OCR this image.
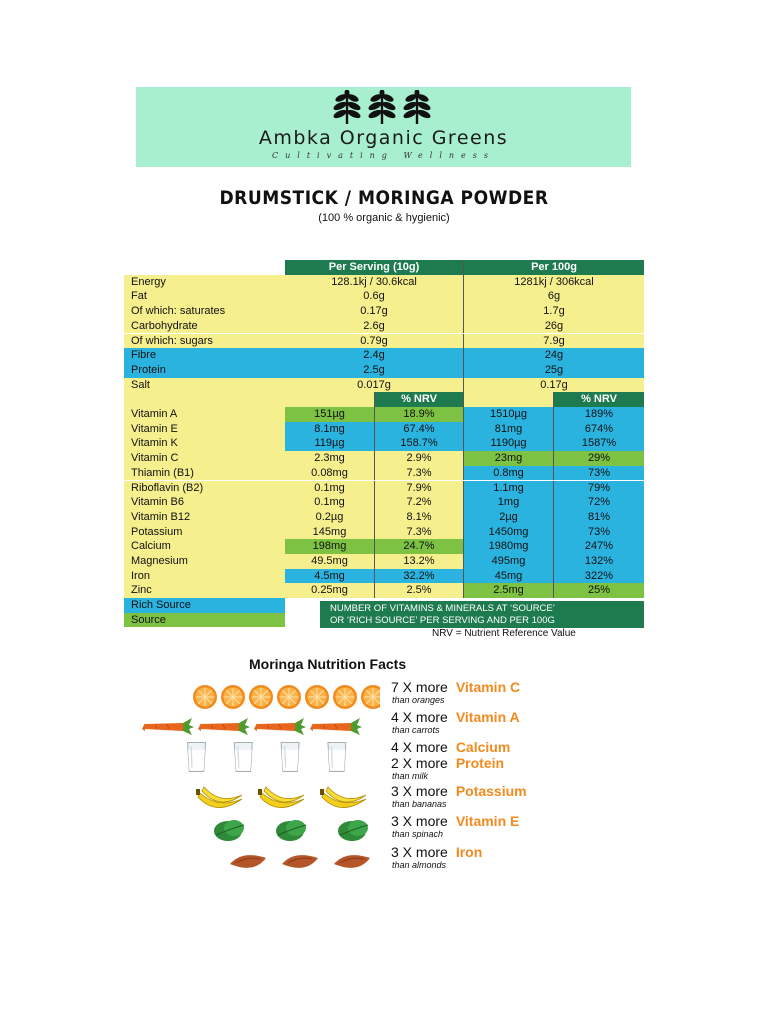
Ambka Organic Greens
Cultivating Wellness
DRUMSTICK / MORINGA POWDER
(100 % organic & hygienic)
Per Serving (10g)	Per 100g
Energy	128.1kj / 30.6kcal	1281kj / 306kcal
Fat	0.6g	6g
Of which: saturates	0.17g	1.7g
Carbohydrate	2.6g	26g
Of which: sugars	0.79g	7.9g
Fibre	2.4g	24g
Protein	2.5g	25g
Salt	0.017g	0.17g
% NRV	% NRV
Vitamin A	151µg	18.9%	1510µg	189%
Vitamin E	8.1mg	67.4%	81mg	674%
Vitamin K	119µg	158.7%	1190µg	1587%
Vitamin C	2.3mg	2.9%	23mg	29%
Thiamin (B1)	0.08mg	7.3%	0.8mg	73%
Riboflavin (B2)	0.1mg	7.9%	1.1mg	79%
Vitamin B6	0.1mg	7.2%	1mg	72%
Vitamin B12	0.2µg	8.1%	2µg	81%
Potassium	145mg	7.3%	1450mg	73%
Calcium	198mg	24.7%	1980mg	247%
Magnesium	49.5mg	13.2%	495mg	132%
Iron	4.5mg	32.2%	45mg	322%
Zinc	0.25mg	2.5%	2.5mg	25%
Rich Source
Source
NUMBER OF VITAMINS & MINERALS AT ‘SOURCE’
OR ‘RICH SOURCE’ PER SERVING AND PER 100G
NRV = Nutrient Reference Value
Moringa Nutrition Facts
7 X more Vitamin C
than oranges
4 X more Vitamin A
than carrots
4 X more Calcium
2 X more Protein
than milk
3 X more Potassium
than bananas
3 X more Vitamin E
than spinach
3 X more Iron
than almonds
